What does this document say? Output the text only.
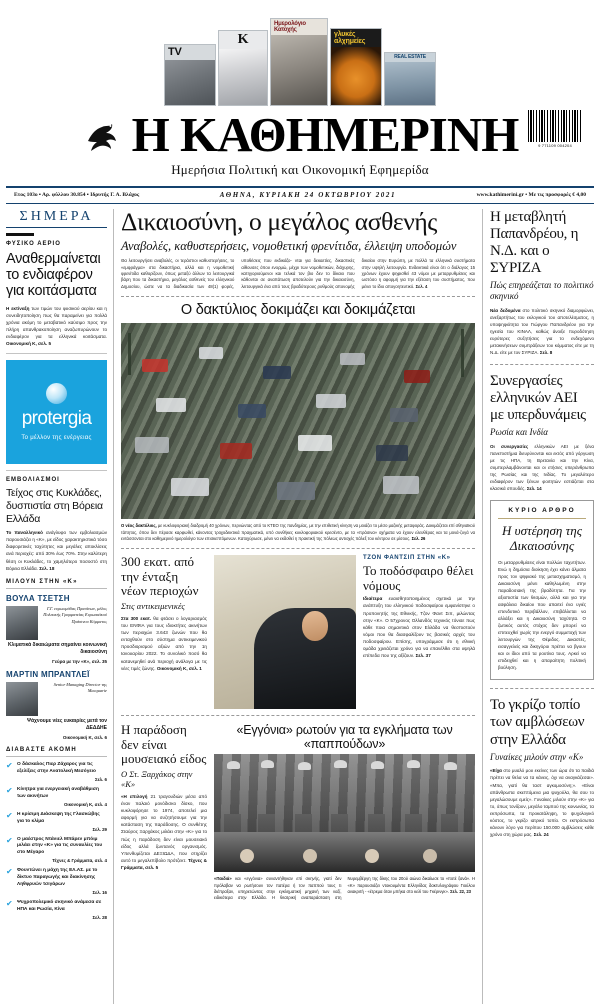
TV
K
Ημερολόγιο Κατοχής
γλυκές αλχημείες
REAL ESTATE
Η ΚΑΘΗΜΕΡΙΝΗ	9 771109 004204
Ημερήσια Πολιτική και Οικονομική Εφημερίδα
Ετος 103ο ▪ Αρ. φύλλου 30.854 ▪ Ιδρυτής Γ. Α. Βλάχος	ΑΘΗΝΑ, ΚΥΡΙΑΚΗ 24 ΟΚΤΩΒΡΙΟΥ 2021	www.kathimerini.gr • Με τις προσφορές € 4,00
ΣΗΜΕΡΑ
ΦΥΣΙΚΟ ΑΕΡΙΟ
Αναθερμαίνεται το ενδιαφέρον για κοιτάσματα
Η εκτίναξη των τιμών του φυσικού αερίου και η συνειδητοποίηση πως θα παραμείνει για πολλά χρόνια ακόμη το μεταβατικό καύσιμο προς την πλήρη απανθρακοποίηση αναζωπυρώνουν το ενδιαφέρον για τα ελληνικά κοιτάσματα. Οικονομική Κ, σελ. 5
protergia
Το μέλλον της ενέργειας
ΕΜΒΟΛΙΑΣΜΟΙ
Τείχος στις Κυκλάδες, δυσπιστία στη Βόρεια Ελλάδα
Το παναλληνικό ανάγλυφο των εμβολιασμών παρουσιάζει η «Κ», με είδος χαρακτηριστικά τόσο διαφορετικές ταχύτητες και μεγάλες αποκλίσεις ανά περιοχές: από 30% έως 70%. Στην καλύτερη θέση οι Κυκλάδες, το χαμηλότερο ποσοστό στη Βόρεια Ελλάδα. Σελ. 18
ΜΙΛΟΥΝ ΣΤΗΝ «Κ»
ΒΟΥΛΑ ΤΣΕΤΣΗ
Γ.Γ. ευρωομάδας Πρασίνων, μέλος Πολιτικής Γραμματείας Ευρωπαϊκού Πράσινου Κόμματος
Κλιματικά δικαιώματα σημαίνει κοινωνική δικαιοσύνη
Γεύρα με την «Κ», σελ. 35
ΜΑΡΤΙΝ ΜΠΡΑΝΤΛΕΪ
Senior Managing Director της Macquarie
Ψάχνουμε νέες ευκαιρίες μετά τον ΔΕΔΔΗΕ
Οικονομική Κ, σελ. 6
ΔΙΑΒΑΣΤΕ ΑΚΟΜΗ
✔ Ο δάσκαλος Πιερ Ζάχαρος για τις εξελίξεις στην Ανατολική Μεσόγειο
Σελ. 6
✔ Κίνητρα για ενεργειακή αναβάθμιση των ακινήτων
Οικονομική Κ, σελ. 4
✔ Η κρίσιμη Διάσκεψη της Γλασκώβης για το κλίμα
Σελ. 29
✔ Ο μαέστρος Ντάνιελ Μπάρεν μπόιμ μιλάει στην «Κ» για τις συναυλίες του στο Μέγαρο
Τέχνες & Γράμματα, σελ. 4
✔ Φουντώνει η μάχη της ΕΛ.ΑΣ. με το δίκτυο παραγωγής και διακίνησης Ληθφρυών τσιγάρων
Σελ. 16
✔ Ψυχροπολεμικό σκηνικό ανάμεσα σε ΗΠΑ και Ρωσία, Κίνα
Σελ. 28
Δικαιοσύνη, ο μεγάλος ασθενής
Αναβολές, καθυστερήσεις, νομοθετική φρενίτιδα, έλλειψη υποδομών
Θα λειτουργήσει αναβολές, οι τεράστιοι καθυστερήσεις, το «εμφράγμα» στα δικαστήρια, αλλά και η νομοθετική φρενίτιδα καθορίζουν, όπως μεταξύ άλλων τα λειτουργικά βάρη που τα δικαστήρια, μεγάλος ασθενείς του ελληνικού Δημοσίου, ώστε να τα διαδικασία των 48(1) φορές, υποθέσεις που εκδικάζο- νται για δεκαετίες, δικαστικές αίθουσες όπου ενορμώ, μέχρι των νομοθετικών, διάχυρης, κατηγοριούμενοι και τελικά τον βιο δεν το δίκαιο που κάθονται σε αναπάτωση αποτελούν για την δικαιοσύνη, λειτουργικά ένα από τους βραδύτερους ρυθμούς απονομής δικαίου στην Ευρώπη, με πολλά τα ελληνικά συστήματα στην υψηλή λειτουργία. Ενδεικτικά είναι ότι ο διάλογος 15 χρόνων έχουν ψηφισθεί 43 νόμοι με μεταρρυθμίσεις και ωστόσο η αφορμή για την εξέταση του συστήματος, που μένει το ίδιο απογοητευτικό. Σελ. 4
Ο δακτύλιος δοκιμάζει και δοκιμάζεται
Ο νέος δακτύλιος, με κυκλοφοριακή διαδρομή 40 χρόνων, περνώντας από το ΚΤΕΟ της πανδημίας, με την επιθετική κίνηση να μοιάζει το μέσο μαζικής μεταφοράς. Δοκιμάζεται επί σθηναϊκού τάπητος, όπου δεν πέρασε καρφωθεί, κάνοντας τροχοδεικτικά πραγματικά, υπό συνθήκες κυκλοφοριακού κρεσέντο, με τα «πράσινα» οχήματα να έχουν ελευθέρας και τα μονά-ζυγά να εντάσσονται στο καθημερινό ημερολόγιο των επισκεπτόμενων. Κατοχύρωσε, μένει να εκδοθεί η πρακτική της πόλεως αντιοχές πάλεξ του κέντρου σε μίσους. Σελ. 26
300 εκατ. από την ένταξη νέων περιοχών
Στις αντικειμενικές
Στα 300 εκατ. θα φτάσει ο λογαριασμός του ΕΝΦΙΑ για τους ιδιοκτήτες ακινήτων των περιοχών 3.643 ζωνών που θα ενταχθούν στο σύστημα αντικειμενικού προσδιορισμού αξιών από την 1η Ιανουαρίου 2022. Το συνολικό ποσό θα κατανεμηθεί ανά περιοχή ανάλογα με τις νέες τιμές ζώνης. Οικονομική Κ, σελ. 1
ΤΖΟΝ ΦΑΝΤΣΙΠ ΣΤΗΝ «Κ»
Το ποδόσφαιρο θέλει νόμους
Ιδιαίτερα ευαισθητοποιημένος σχετικά με την ανάπτυξη του ελληνικού ποδοσφαίρου εμφανίστηκε ο προπονητής της Εθνικής, Τζον Φαντ Σιπ, μιλώντας στην «Κ». Ο 57χρονος Ολλανδός τεχνικός τόνισε πως κάθε ποια σημαντικά στον Ελλάδα να θεσπιστούν νόμοι που θα διασφαλίζουν τις βασικές αρχές του ποδοσφαίρου. Επίσης, υπογράμμισε ότι η εθνική ομάδα χρειάζεται χρόνο για να επανέλθει στα υψηλά επίπεδα που της αξίζουν. Σελ. 37
Η παράδοση δεν είναι μουσειακό είδος
Ο Στ. Ξαρχάκος στην «Κ»
«Η επιλογή 21 τραγουδιών μέσα από έναν παλαιό μονόδισκο δίσκο, που κυκλοφόρησε το 1974, αποτελεί μια αφορμή για να συζητήσουμε για την κατάσταση της παράδοσης. Ο συνθέτης Σταύρος Ξαρχάκος μιλάει στην «Κ» για το πώς η παράδοση δεν είναι μουσειακό είδος αλλά ζωντανός οργανισμός. Υπενθυμίζεται ΔΕΞΙΩΔΑ, που στηρίζει αυτό το μεγαλεπίβολο πρότζεκτ. Τέχνες & Γράμματα, σελ. 5
«Εγγόνια» ρωτούν για τα εγκλήματα των «παππούδων»
«Παιδιά» και «εγγόνια» συναντήθηκαν επί σκηνής, γιατί δεν πρόλαβαν να ρωτήσουν τον πατέρα ή τον παππού τους τι διέπραξαν, υπηρετώντας στην εγκληματική μηχανή των ναζί, ειδικότερα στην Ελλάδα. Η θεατρική αναπαράσταση στη Νυρεμβέργη της δίκης του 20ού αιώνα δικαίωσε το «ποτέ ξανά». Η «Κ» παρουσιάζει ντοκουμέντα Ελληνίδας δακτυλογράφου Γιούλου ανακριτή - «έτρεμα όταν μπήκα στο κελί του Γκέρινγκ». Σελ. 22, 23
Η μεταβλητή Παπανδρέου, η Ν.Δ. και ο ΣΥΡΙΖΑ
Πώς επηρεάζεται το πολιτικό σκηνικό
Νέα δεδομένα στο πολιτικό σκηνικό διαμορφώνει, ανεξαρτήτως του εκλογικού του αποτελέσματος, η υποψηφιότητα του Γιώργου Παπανδρέου για την ηγεσία του ΚΙΝΑΛ, καθώς άνοιξε πυροδότηση ευρύτερες συζητήσεις για το ενδεχόμενο μετακινήσεων συμπράξεων του κόμματος είτε με τη Ν.Δ. είτε με τον ΣΥΡΙΖΑ. Σελ. 8
Συνεργασίες ελληνικών ΑΕΙ με υπερδυνάμεις
Ρωσία και Ινδία
Οι συνεργασίες ελληνικών ΑΕΙ με ξένα πανεπιστήμια διευρύνονται και εκτός από γόργωση με τις ΗΠΑ, τη Βρετανία και την Κίνα, συμπεριλαμβάνονται και οι ετήσιες υπεράνθρωπα της Ρωσίας και της Ινδίας. Το μεγαλύτερο ενδιαφέρον των ξένων φοιτητών εστιάζεται στα κλασικά σπουδές. Σελ. 14
ΚΥΡΙΟ ΑΡΘΡΟ
Η υστέρηση της Δικαιοσύνης
Οι μεταρρυθμίσεις είναι πολλών ταχυτήτων. Ενώ η δημόσια διοίκηση έχει κάνει άλματα προς τον ψηφιακό της μετασχηματισμό, η Δικαιοσύνη μένει καθηλωμένη στην παραδοσιακή της βραδύτητα. Για την αξιοπιστία των θεσμών, αλλά και για την ασφάλεια δικαίου που απαιτεί ένα υγιές επενδυτικό περιβάλλον, επιβάλλεται να αλλάξει και η Δικαιοσύνη ταχύτητα. Ο ζωτικός αυτός στόχος δεν μπορεί να επιτευχθεί χωρίς την ενεργό συμμετοχή των λειτουργών της Θέμιδος. Δικαστές, εισαγγελείς και δικηγόροι πρέπει να βγουν και οι ίδιοι από τα ρουτίνα τους. Αρκεί να επιδειχθεί και η απαραίτητη πολιτική βούληση.
Το γκρίζο τοπίο των αμβλώσεων στην Ελλάδα
Γυναίκες μιλούν στην «Κ»
«Είχα στο μυαλό μου εκείνες των ώρα ότι τα παιδιά πρέπει να θελα να τα κάνεις, όχι να αναγκάζεσαι». «Μπα, γιατί θα ταστ αγκομοσύνη;». «Είναι απάνθρωπα σκεπτόμενα μια ψυχούλα, θα σου το μεγαλώσουμε εμείς». Γυναίκες μιλούν στην «Κ» για το, όπως τονίζουν, μεγάλο ταμπού της κοινωνίας, τα εκπρόσωπα, τα προκατάληψη, το ψυχολογικό κόστος, το γκρίζο ιατρικό τοπίο. Οι εκπρόσωπα κάνουν λόγο για περίπου 150.000 αμβλώσεις κάθε χρόνο στη χώρα μας. Σελ. 24
